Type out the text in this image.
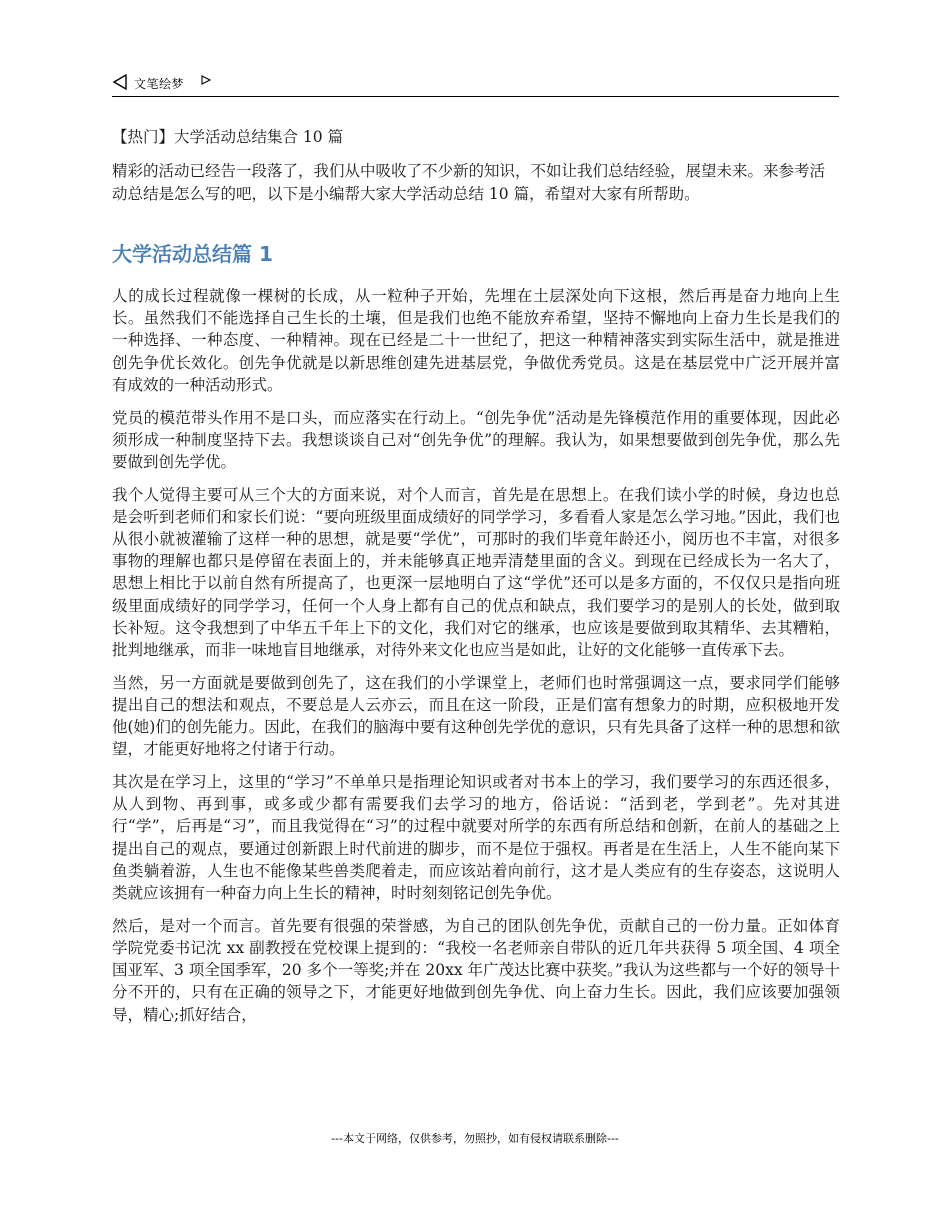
文笔绘梦

【热门】大学活动总结集合 10 篇

精彩的活动已经告一段落了，我们从中吸收了不少新的知识，不如让我们总结经验，展望未来。来参考活动总结是怎么写的吧，以下是小编帮大家大学活动总结 10 篇，希望对大家有所帮助。

大学活动总结篇 1

人的成长过程就像一棵树的长成，从一粒种子开始，先埋在土层深处向下这根，然后再是奋力地向上生长。虽然我们不能选择自己生长的土壤，但是我们也绝不能放弃希望，坚持不懈地向上奋力生长是我们的一种选择、一种态度、一种精神。现在已经是二十一世纪了，把这一种精神落实到实际生活中，就是推进创先争优长效化。创先争优就是以新思维创建先进基层党，争做优秀党员。这是在基层党中广泛开展并富有成效的一种活动形式。

党员的模范带头作用不是口头，而应落实在行动上。“创先争优”活动是先锋模范作用的重要体现，因此必须形成一种制度坚持下去。我想谈谈自己对“创先争优”的理解。我认为，如果想要做到创先争优，那么先要做到创先学优。

我个人觉得主要可从三个大的方面来说，对个人而言，首先是在思想上。在我们读小学的时候，身边也总是会听到老师们和家长们说：“要向班级里面成绩好的同学学习，多看看人家是怎么学习地。”因此，我们也从很小就被灌输了这样一种的思想，就是要“学优”，可那时的我们毕竟年龄还小，阅历也不丰富，对很多事物的理解也都只是停留在表面上的，并未能够真正地弄清楚里面的含义。到现在已经成长为一名大了，思想上相比于以前自然有所提高了，也更深一层地明白了这“学优”还可以是多方面的，不仅仅只是指向班级里面成绩好的同学学习，任何一个人身上都有自己的优点和缺点，我们要学习的是别人的长处，做到取长补短。这令我想到了中华五千年上下的文化，我们对它的继承，也应该是要做到取其精华、去其糟粕，批判地继承，而非一味地盲目地继承，对待外来文化也应当是如此，让好的文化能够一直传承下去。

当然，另一方面就是要做到创先了，这在我们的小学课堂上，老师们也时常强调这一点，要求同学们能够提出自己的想法和观点，不要总是人云亦云，而且在这一阶段，正是们富有想象力的时期，应积极地开发他(她)们的创先能力。因此，在我们的脑海中要有这种创先学优的意识，只有先具备了这样一种的思想和欲望，才能更好地将之付诸于行动。

其次是在学习上，这里的“学习”不单单只是指理论知识或者对书本上的学习，我们要学习的东西还很多，从人到物、再到事，或多或少都有需要我们去学习的地方，俗话说：“活到老，学到老”。先对其进行“学”，后再是“习”，而且我觉得在“习”的过程中就要对所学的东西有所总结和创新，在前人的基础之上提出自己的观点，要通过创新跟上时代前进的脚步，而不是位于强权。再者是在生活上，人生不能向某下鱼类躺着游，人生也不能像某些兽类爬着走，而应该站着向前行，这才是人类应有的生存姿态，这说明人类就应该拥有一种奋力向上生长的精神，时时刻刻铭记创先争优。

然后，是对一个而言。首先要有很强的荣誉感，为自己的团队创先争优，贡献自己的一份力量。正如体育学院党委书记沈 xx 副教授在党校课上提到的：“我校一名老师亲自带队的近几年共获得 5 项全国、4 项全国亚军、3 项全国季军，20 多个一等奖;并在 20xx 年广茂达比赛中获奖。”我认为这些都与一个好的领导十分不开的，只有在正确的领导之下，才能更好地做到创先争优、向上奋力生长。因此，我们应该要加强领导，精心;抓好结合，

---本文于网络，仅供参考，勿照抄，如有侵权请联系删除---
